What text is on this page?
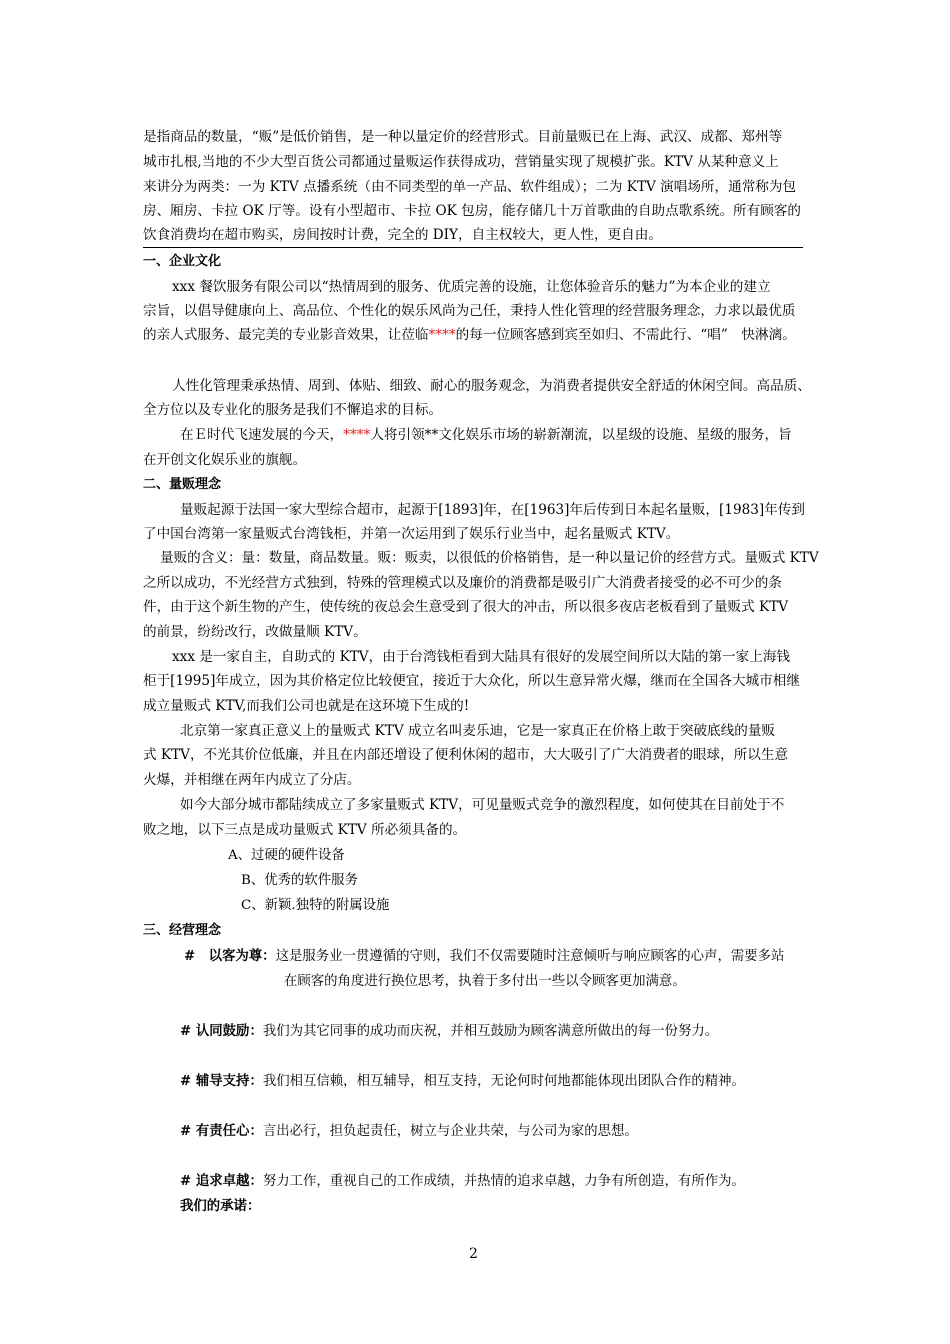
是指商品的数量，“贩”是低价销售，是一种以量定价的经营形式。目前量贩已在上海、武汉、成都、郑州等
城市扎根,当地的不少大型百货公司都通过量贩运作获得成功，营销量实现了规模扩张。KTV 从某种意义上
来讲分为两类：一为 KTV 点播系统（由不同类型的单一产品、软件组成）；二为 KTV 演唱场所，通常称为包
房、厢房、卡拉 OK 厅等。设有小型超市、卡拉 OK 包房，能存储几十万首歌曲的自助点歌系统。所有顾客的
饮食消费均在超市购买，房间按时计费，完全的 DIY，自主权较大，更人性，更自由。
一、企业文化
xxx 餐饮服务有限公司以“热情周到的服务、优质完善的设施，让您体验音乐的魅力”为本企业的建立
宗旨，以倡导健康向上、高品位、个性化的娱乐风尚为己任，秉持人性化管理的经营服务理念，力求以最优质
的亲人式服务、最完美的专业影音效果，让莅临****的每一位顾客感到宾至如归、不需此行、“唱”　快淋漓。
人性化管理秉承热情、周到、体贴、细致、耐心的服务观念，为消费者提供安全舒适的休闲空间。高品质、
全方位以及专业化的服务是我们不懈追求的目标。
在Ｅ时代飞速发展的今天，****人将引领**文化娱乐市场的崭新潮流，以星级的设施、星级的服务，旨
在开创文化娱乐业的旗舰。
二、量贩理念
量贩起源于法国一家大型综合超市，起源于[1893]年，在[1963]年后传到日本起名量贩，[1983]年传到
了中国台湾第一家量贩式台湾钱柜，并第一次运用到了娱乐行业当中，起名量贩式 KTV。
量贩的含义：量：数量，商品数量。贩：贩卖，以很低的价格销售，是一种以量记价的经营方式。量贩式 KTV
之所以成功，不光经营方式独到，特殊的管理模式以及廉价的消费都是吸引广大消费者接受的必不可少的条
件，由于这个新生物的产生，使传统的夜总会生意受到了很大的冲击，所以很多夜店老板看到了量贩式 KTV
的前景，纷纷改行，改做量顺 KTV。
xxx 是一家自主，自助式的 KTV，由于台湾钱柜看到大陆具有很好的发展空间所以大陆的第一家上海钱
柜于[1995]年成立，因为其价格定位比较便宜，接近于大众化，所以生意异常火爆，继而在全国各大城市相继
成立量贩式 KTV,而我们公司也就是在这环境下生成的!
北京第一家真正意义上的量贩式 KTV 成立名叫麦乐迪，它是一家真正在价格上敢于突破底线的量贩
式 KTV，不光其价位低廉，并且在内部还增设了便利休闲的超市，大大吸引了广大消费者的眼球，所以生意
火爆，并相继在两年内成立了分店。
如今大部分城市都陆续成立了多家量贩式 KTV，可见量贩式竞争的激烈程度，如何使其在目前处于不
败之地，以下三点是成功量贩式 KTV 所必须具备的。
A、过硬的硬件设备
B、优秀的软件服务
C、新颖.独特的附属设施
三、经营理念
#　以客为尊：这是服务业一贯遵循的守则，我们不仅需要随时注意倾听与响应顾客的心声，需要多站
在顾客的角度进行换位思考，执着于多付出一些以令顾客更加满意。
# 认同鼓励：我们为其它同事的成功而庆祝，并相互鼓励为顾客满意所做出的每一份努力。
# 辅导支持：我们相互信赖，相互辅导，相互支持，无论何时何地都能体现出团队合作的精神。
# 有责任心：言出必行，担负起责任，树立与企业共荣，与公司为家的思想。
# 追求卓越：努力工作，重视自己的工作成绩，并热情的追求卓越，力争有所创造，有所作为。
我们的承诺：
2
